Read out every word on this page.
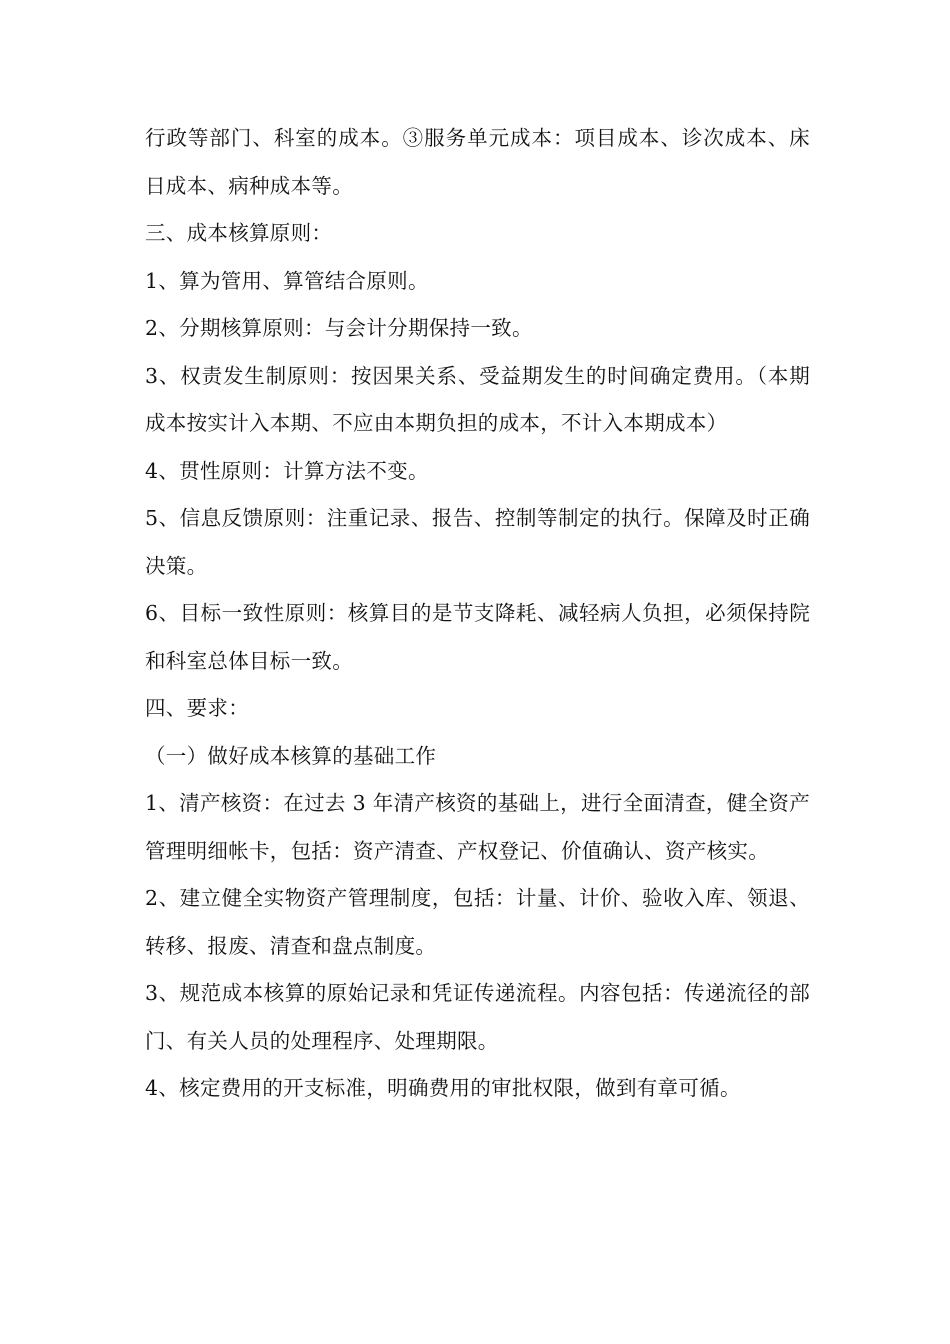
行政等部门、科室的成本。③服务单元成本：项目成本、诊次成本、床日成本、病种成本等。

三、成本核算原则：

1、算为管用、算管结合原则。

2、分期核算原则：与会计分期保持一致。

3、权责发生制原则：按因果关系、受益期发生的时间确定费用。（本期成本按实计入本期、不应由本期负担的成本，不计入本期成本）

4、贯性原则：计算方法不变。

5、信息反馈原则：注重记录、报告、控制等制定的执行。保障及时正确决策。

6、目标一致性原则：核算目的是节支降耗、减轻病人负担，必须保持院和科室总体目标一致。

四、要求：

（一）做好成本核算的基础工作

1、清产核资：在过去 3 年清产核资的基础上，进行全面清查，健全资产管理明细帐卡，包括：资产清查、产权登记、价值确认、资产核实。

2、建立健全实物资产管理制度，包括：计量、计价、验收入库、领退、转移、报废、清查和盘点制度。

3、规范成本核算的原始记录和凭证传递流程。内容包括：传递流径的部门、有关人员的处理程序、处理期限。

4、核定费用的开支标准，明确费用的审批权限，做到有章可循。
